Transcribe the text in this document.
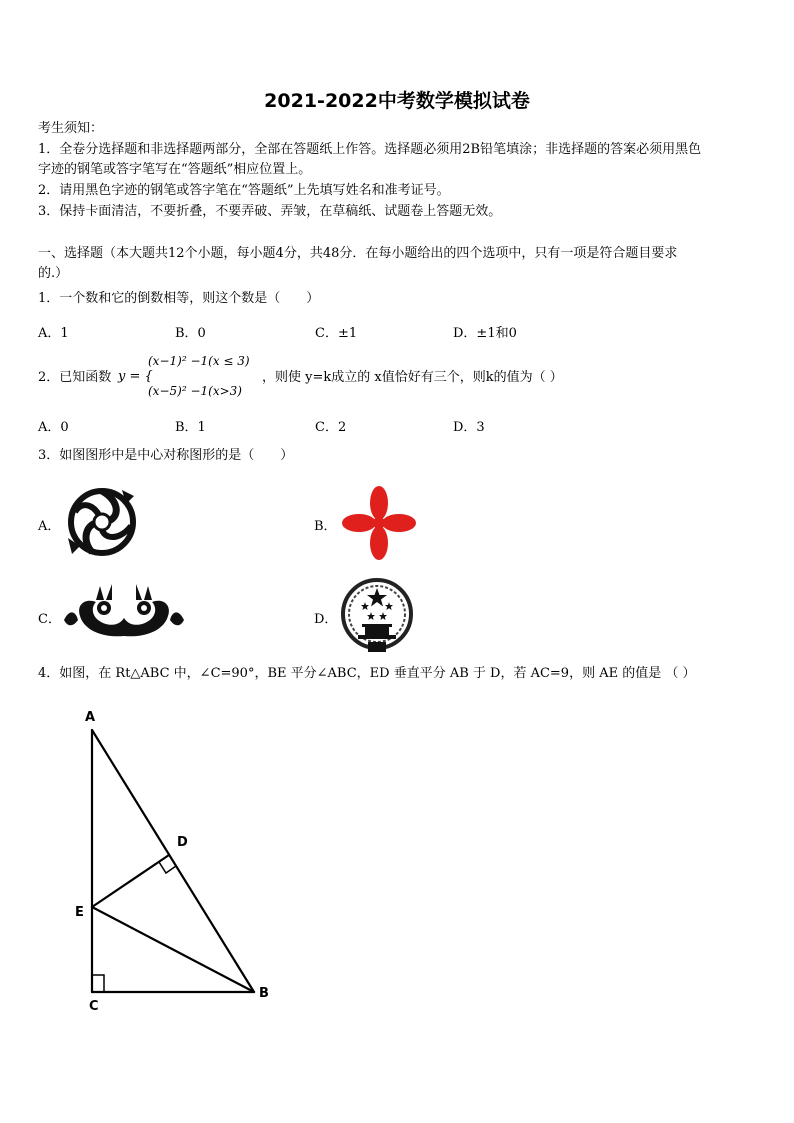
2021-2022中考数学模拟试卷
考生须知：
1．全卷分选择题和非选择题两部分，全部在答题纸上作答。选择题必须用2B铅笔填涂；非选择题的答案必须用黑色
字迹的钢笔或答字笔写在“答题纸”相应位置上。
2．请用黑色字迹的钢笔或答字笔在“答题纸”上先填写姓名和准考证号。
3．保持卡面清洁，不要折叠，不要弄破、弄皱，在草稿纸、试题卷上答题无效。
一、选择题（本大题共12个小题，每小题4分，共48分．在每小题给出的四个选项中，只有一项是符合题目要求
的.）
1．一个数和它的倒数相等，则这个数是（　　）
A．1	B．0	C．±1	D．±1和0
2．已知函数 y = {
(x−1)² −1(x ≤ 3)
(x−5)² −1(x>3)
，则使 y=k成立的 x值恰好有三个，则k的值为（ ）
A．0	B．1	C．2	D．3
3．如图图形中是中心对称图形的是（　　）
A．	B．
C．	D．
4．如图，在 Rt△ABC 中，∠C=90°，BE 平分∠ABC，ED 垂直平分 AB 于 D，若 AC=9，则 AE 的值是 （ ）
A
D
E
C
B
